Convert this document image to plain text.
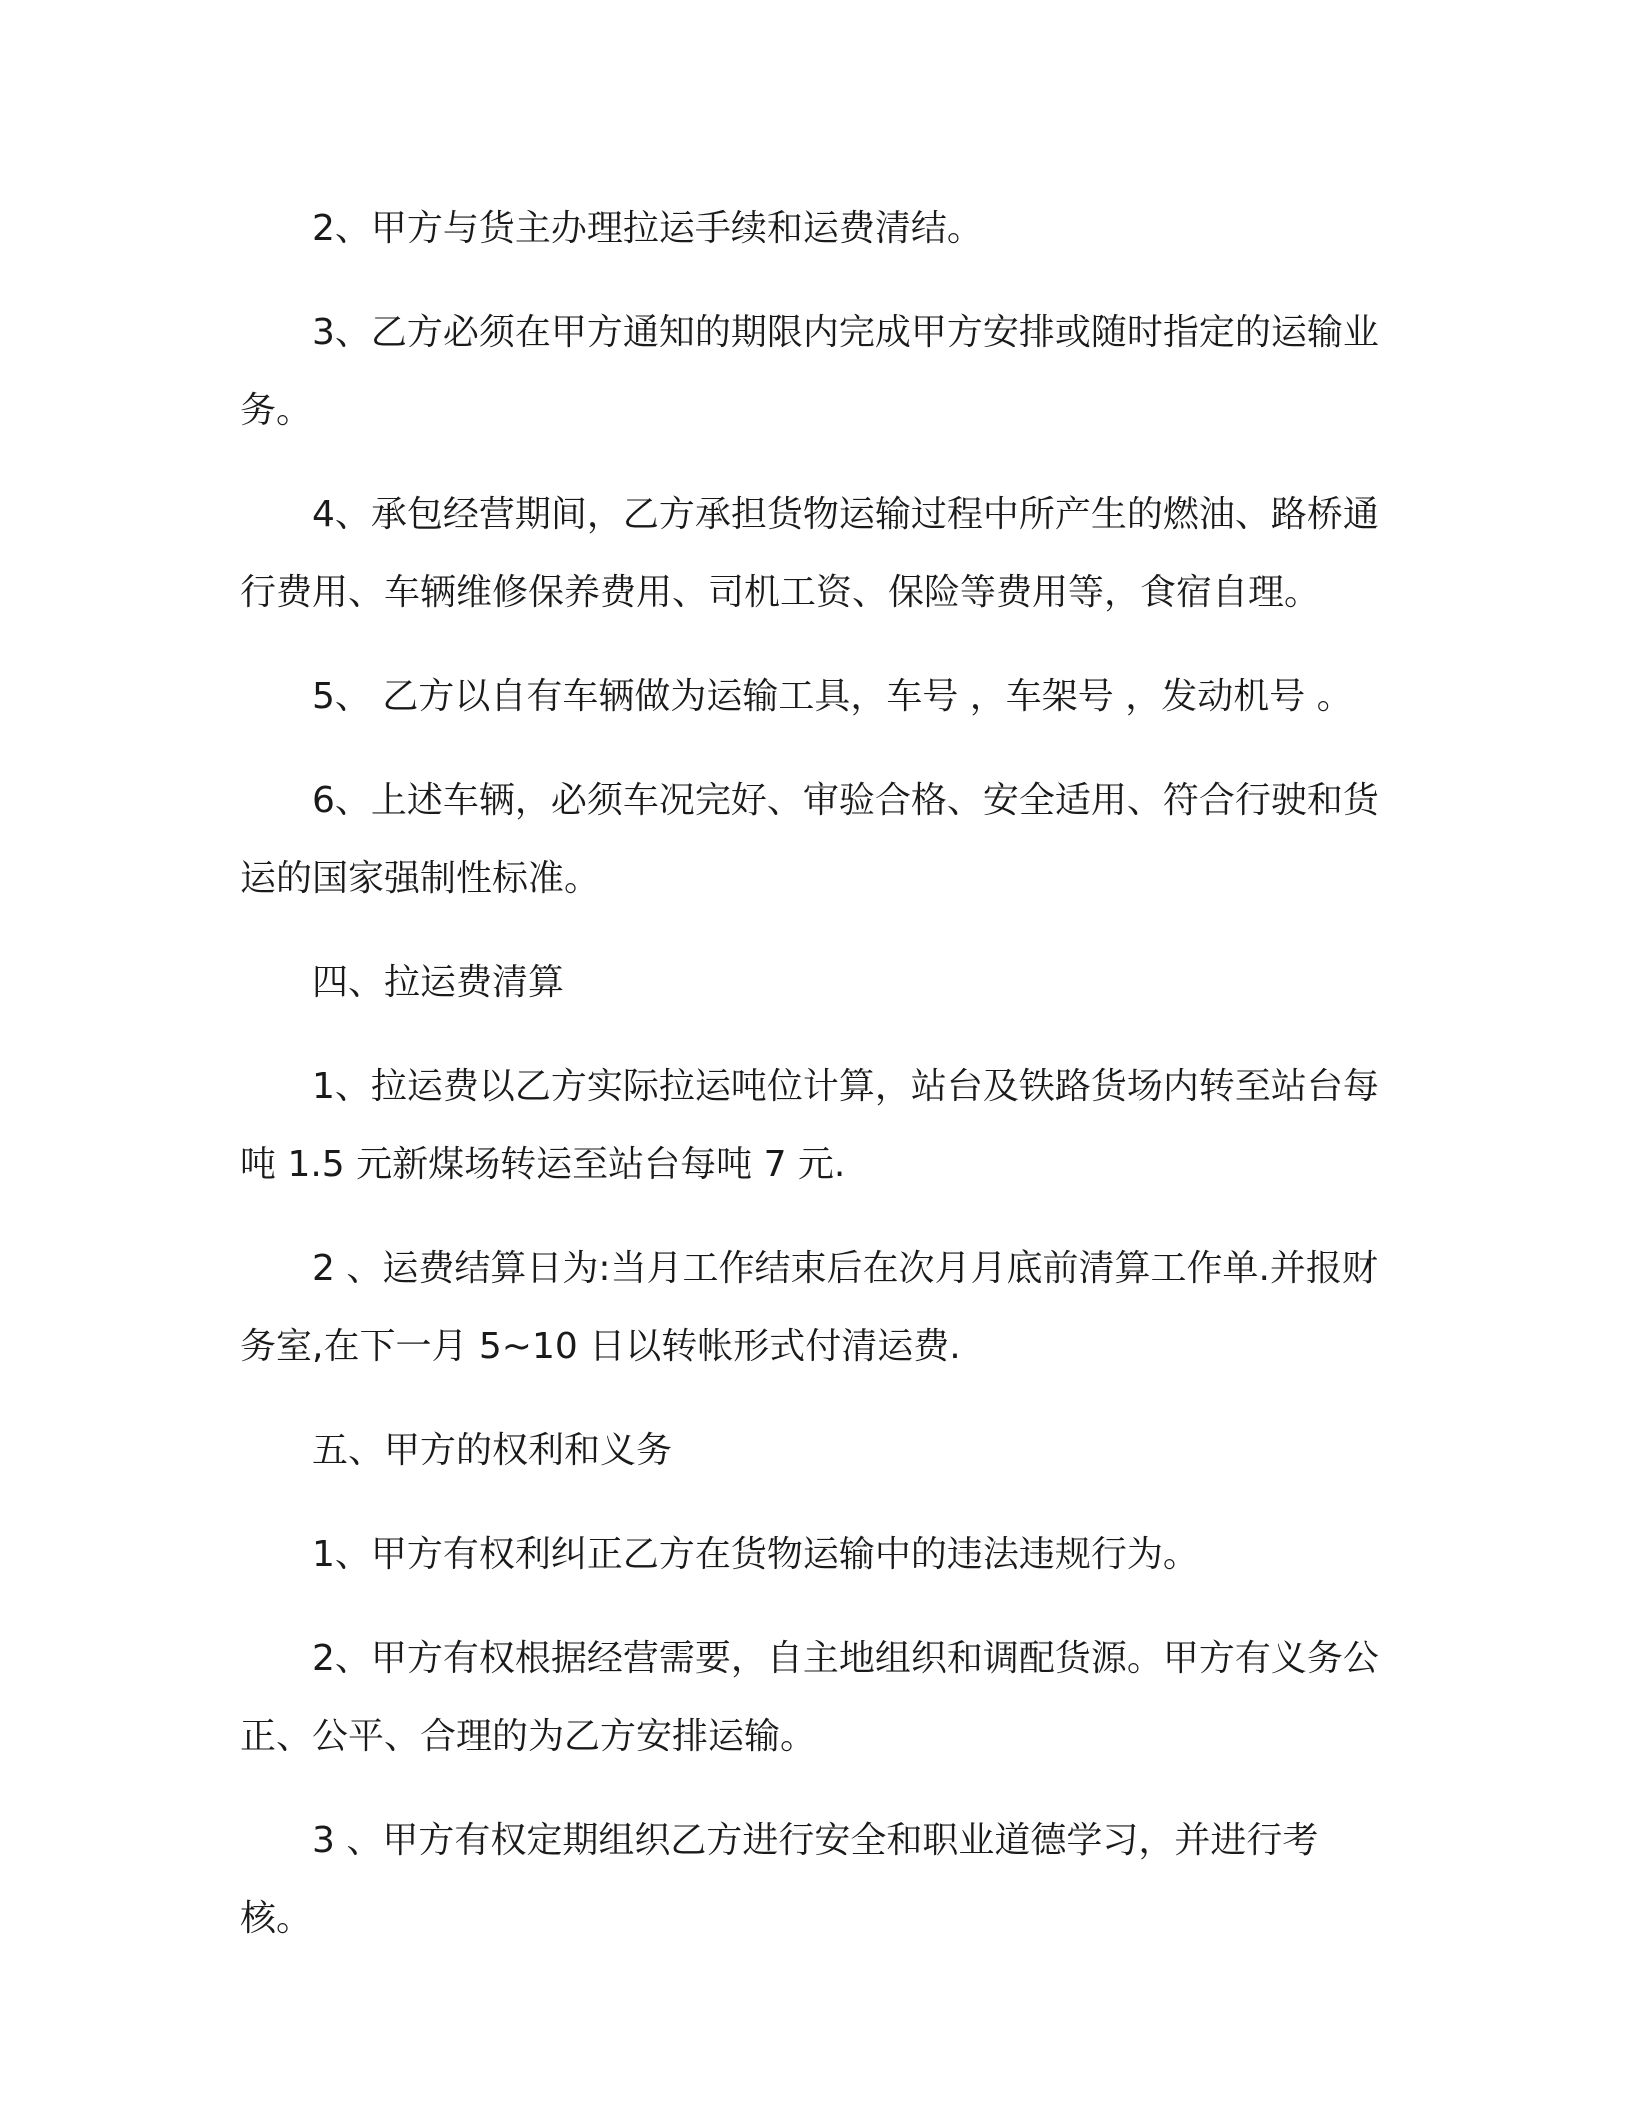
2、甲方与货主办理拉运手续和运费清结。

3、乙方必须在甲方通知的期限内完成甲方安排或随时指定的运输业务。

4、承包经营期间，乙方承担货物运输过程中所产生的燃油、路桥通行费用、车辆维修保养费用、司机工资、保险等费用等，食宿自理。

5、 乙方以自有车辆做为运输工具，车号 ，车架号 ，发动机号 。

6、上述车辆，必须车况完好、审验合格、安全适用、符合行驶和货运的国家强制性标准。

四、拉运费清算

1、拉运费以乙方实际拉运吨位计算，站台及铁路货场内转至站台每吨 1.5 元新煤场转运至站台每吨 7 元.

2 、运费结算日为:当月工作结束后在次月月底前清算工作单.并报财务室,在下一月 5~10 日以转帐形式付清运费.

五、甲方的权利和义务

1、甲方有权利纠正乙方在货物运输中的违法违规行为。

2、甲方有权根据经营需要，自主地组织和调配货源。甲方有义务公正、公平、合理的为乙方安排运输。

3 、甲方有权定期组织乙方进行安全和职业道德学习，并进行考核。
